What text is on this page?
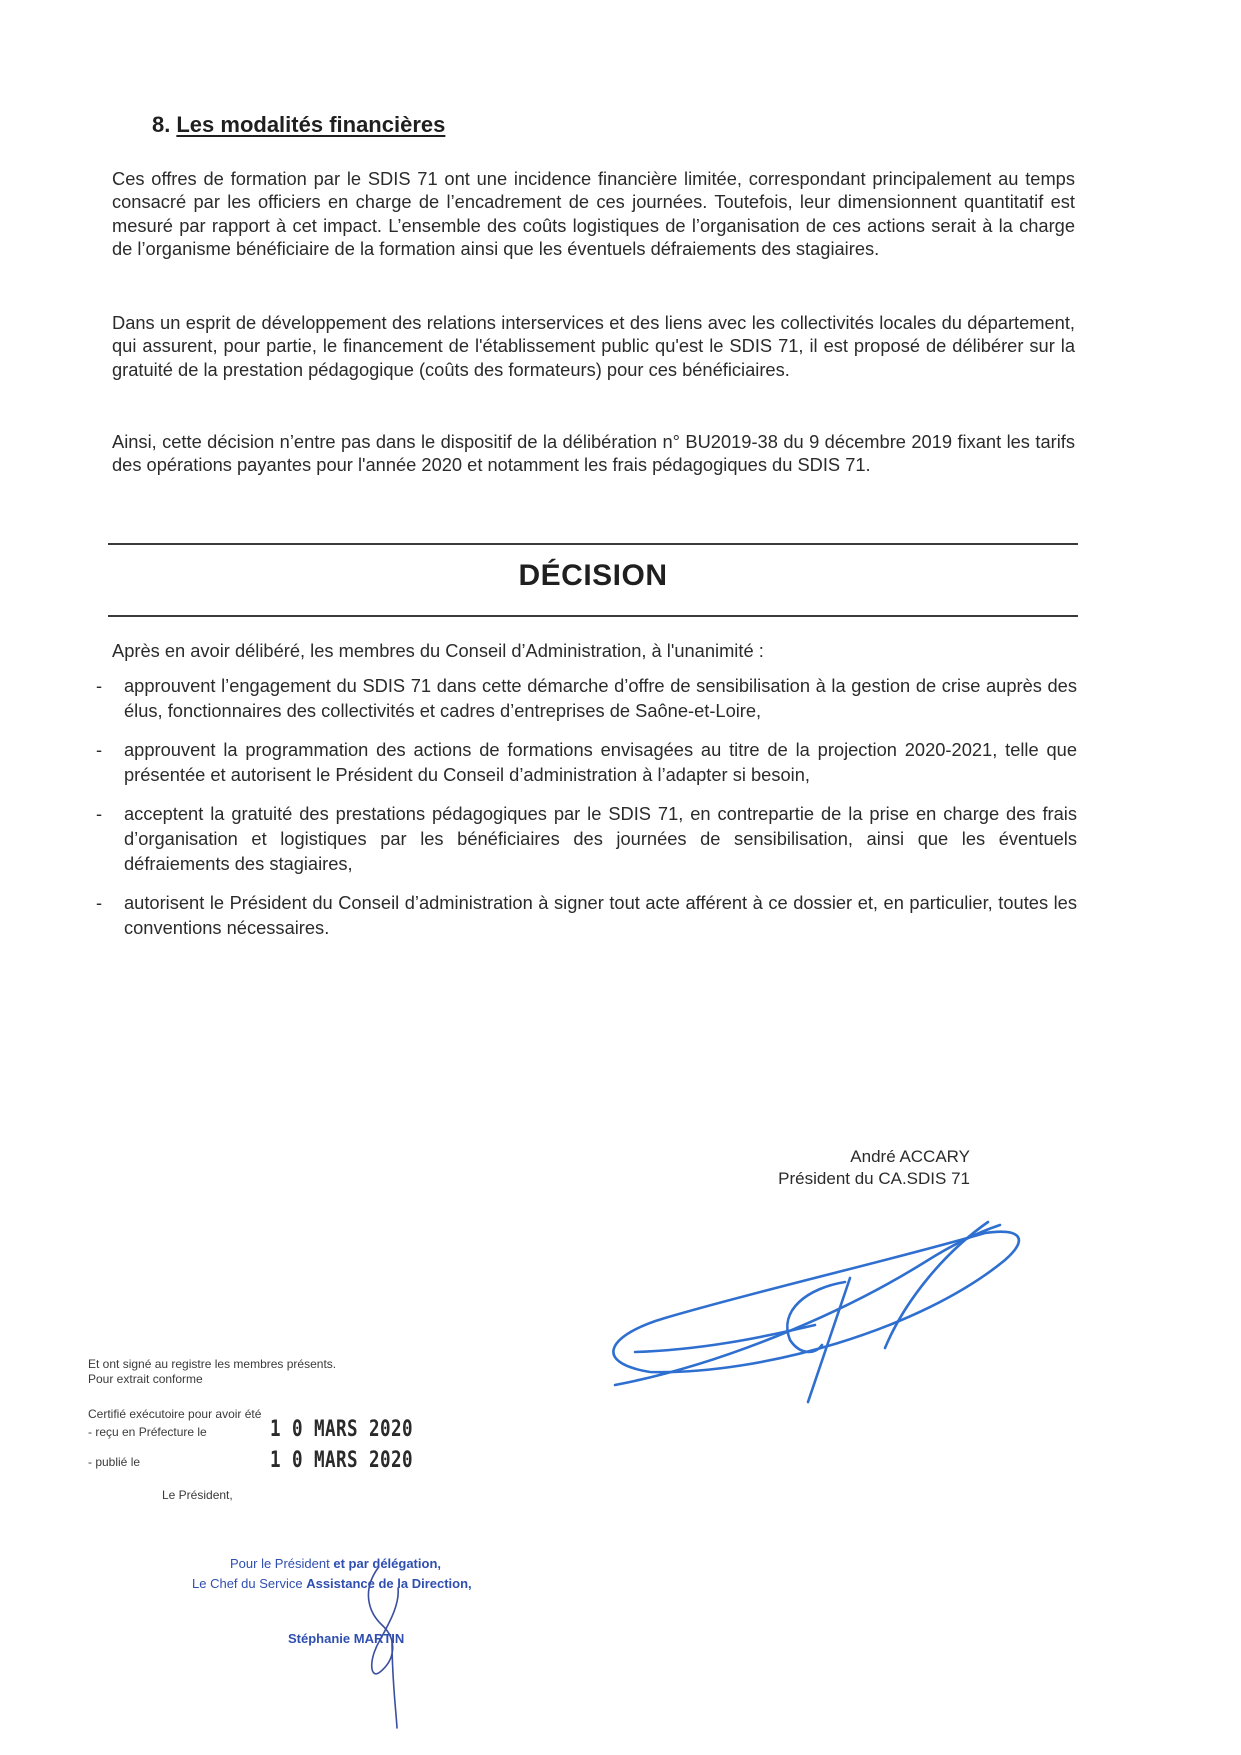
8. Les modalités financières

Ces offres de formation par le SDIS 71 ont une incidence financière limitée, correspondant principalement au temps consacré par les officiers en charge de l’encadrement de ces journées. Toutefois, leur dimensionnent quantitatif est mesuré par rapport à cet impact. L’ensemble des coûts logistiques de l’organisation de ces actions serait à la charge de l’organisme bénéficiaire de la formation ainsi que les éventuels défraiements des stagiaires.

Dans un esprit de développement des relations interservices et des liens avec les collectivités locales du département, qui assurent, pour partie, le financement de l'établissement public qu'est le SDIS 71, il est proposé de délibérer sur la gratuité de la prestation pédagogique (coûts des formateurs) pour ces bénéficiaires.

Ainsi, cette décision n’entre pas dans le dispositif de la délibération n° BU2019-38 du 9 décembre 2019 fixant les tarifs des opérations payantes pour l'année 2020 et notamment les frais pédagogiques du SDIS 71.

DÉCISION
Après en avoir délibéré, les membres du Conseil d’Administration, à l'unanimité :
- approuvent l’engagement du SDIS 71 dans cette démarche d’offre de sensibilisation à la gestion de crise auprès des élus, fonctionnaires des collectivités et cadres d’entreprises de Saône-et-Loire,
- approuvent la programmation des actions de formations envisagées au titre de la projection 2020-2021, telle que présentée et autorisent le Président du Conseil d’administration à l’adapter si besoin,
- acceptent la gratuité des prestations pédagogiques par le SDIS 71, en contrepartie de la prise en charge des frais d’organisation et logistiques par les bénéficiaires des journées de sensibilisation, ainsi que les éventuels défraiements des stagiaires,
- autorisent le Président du Conseil d’administration à signer tout acte afférent à ce dossier et, en particulier, toutes les conventions nécessaires.
André ACCARY
Président du CA.SDIS 71
Et ont signé au registre les membres présents.
Pour extrait conforme
Certifié exécutoire pour avoir été
- reçu en Préfecture le	1 0 MARS 2020
- publié le	1 0 MARS 2020
Le Président,
Pour le Président et par délégation,
Le Chef du Service Assistance de la Direction,
Stéphanie MARTIN
